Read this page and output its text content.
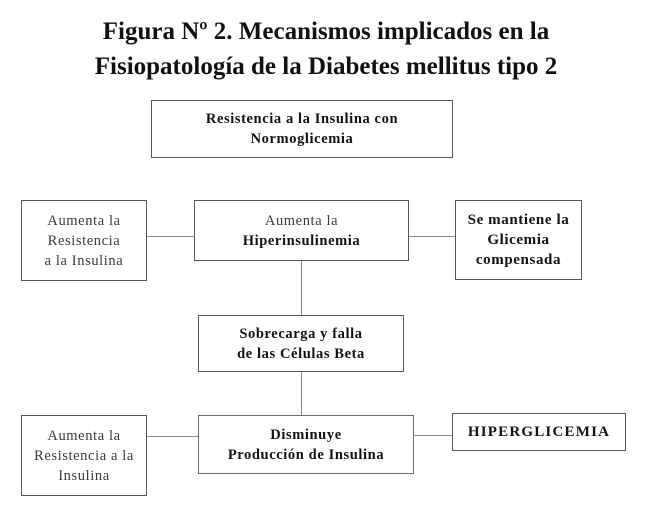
Figura Nº 2. Mecanismos implicados en la
Fisiopatología de la Diabetes mellitus tipo 2
Resistencia a la Insulina con
Normoglicemia
Aumenta la
Resistencia
a la Insulina
Aumenta la
Hiperinsulinemia
Se mantiene la
Glicemia
compensada
Sobrecarga y falla
de las Células Beta
Aumenta la
Resistencia a la
Insulina
Disminuye
Producción de Insulina
HIPERGLICEMIA
